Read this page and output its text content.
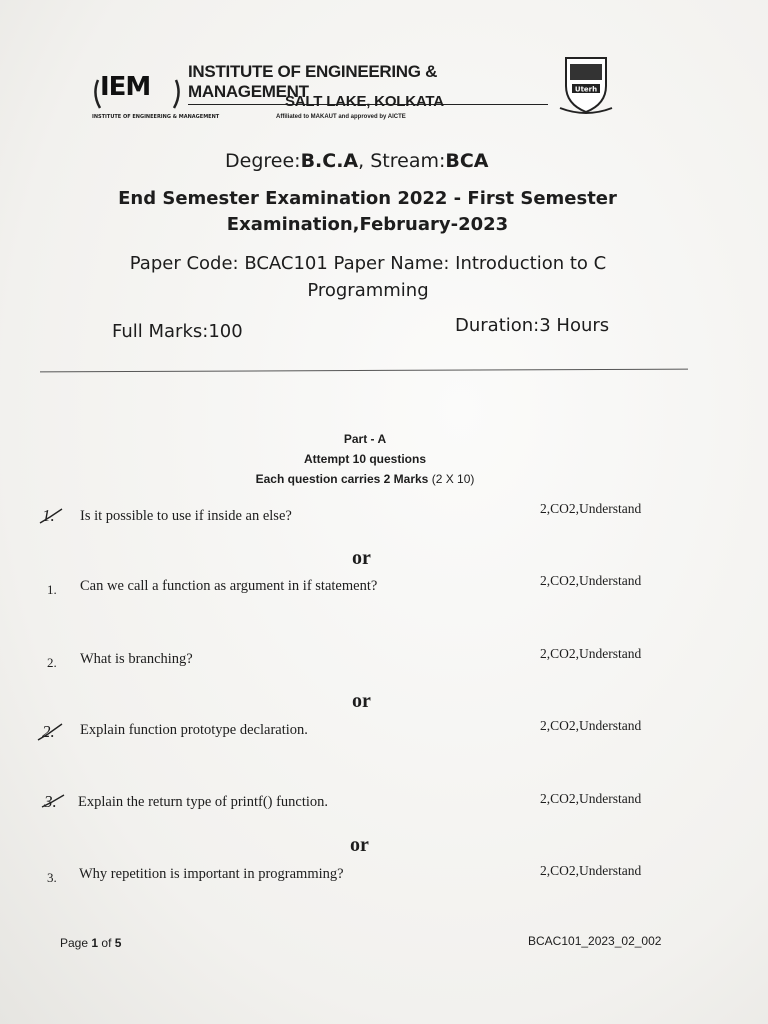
IEM
INSTITUTE OF ENGINEERING & MANAGEMENT
INSTITUTE OF ENGINEERING & MANAGEMENT
SALT LAKE, KOLKATA
Affiliated to MAKAUT and approved by AICTE
Uterh
Degree:B.C.A, Stream:BCA
End Semester Examination 2022 - First Semester Examination,February-2023
Paper Code: BCAC101 Paper Name: Introduction to C Programming
Full Marks:100	Duration:3 Hours
Part - A
Attempt 10 questions
Each question carries 2 Marks (2 X 10)
1. Is it possible to use if inside an else?	2,CO2,Understand
or
1. Can we call a function as argument in if statement?	2,CO2,Understand
2. What is branching?	2,CO2,Understand
or
2. Explain function prototype declaration.	2,CO2,Understand
3. Explain the return type of printf() function.	2,CO2,Understand
or
3. Why repetition is important in programming?	2,CO2,Understand
Page 1 of 5	BCAC101_2023_02_002
